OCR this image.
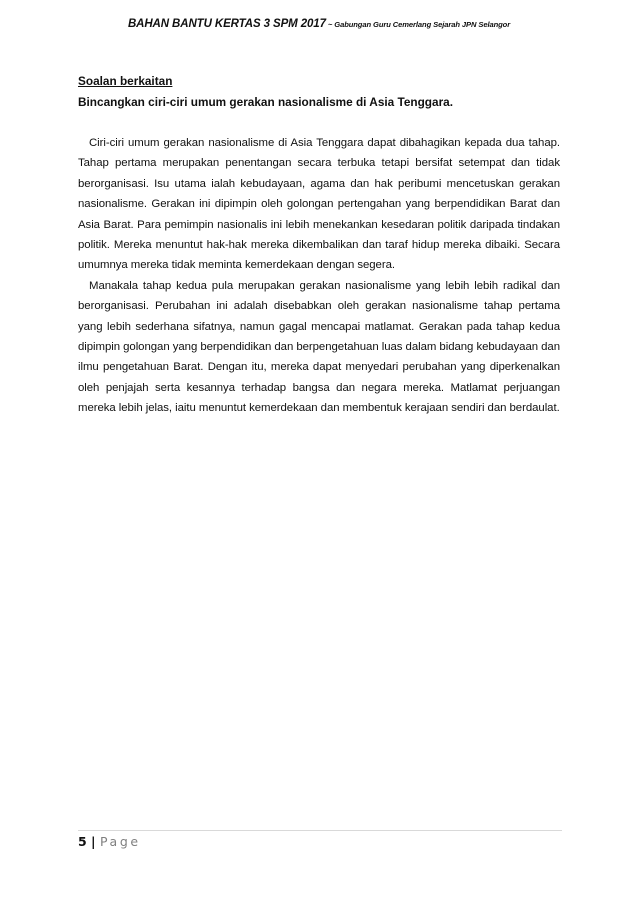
BAHAN BANTU KERTAS 3 SPM 2017 ~ Gabungan Guru Cemerlang Sejarah JPN Selangor

Soalan berkaitan

Bincangkan ciri-ciri umum gerakan nasionalisme di Asia Tenggara.

Ciri-ciri umum gerakan nasionalisme di Asia Tenggara dapat dibahagikan kepada dua tahap. Tahap pertama merupakan penentangan secara terbuka tetapi bersifat setempat dan tidak berorganisasi. Isu utama ialah kebudayaan, agama dan hak peribumi mencetuskan gerakan nasionalisme. Gerakan ini dipimpin oleh golongan pertengahan yang berpendidikan Barat dan Asia Barat. Para pemimpin nasionalis ini lebih menekankan kesedaran politik daripada tindakan politik. Mereka menuntut hak-hak mereka dikembalikan dan taraf hidup mereka dibaiki. Secara umumnya mereka tidak meminta kemerdekaan dengan segera.

Manakala tahap kedua pula merupakan gerakan nasionalisme yang lebih lebih radikal dan berorganisasi. Perubahan ini adalah disebabkan oleh gerakan nasionalisme tahap pertama yang lebih sederhana sifatnya, namun gagal mencapai matlamat. Gerakan pada tahap kedua dipimpin golongan yang berpendidikan dan berpengetahuan luas dalam bidang kebudayaan dan ilmu pengetahuan Barat. Dengan itu, mereka dapat menyedari perubahan yang diperkenalkan oleh penjajah serta kesannya terhadap bangsa dan negara mereka. Matlamat perjuangan mereka lebih jelas, iaitu menuntut kemerdekaan dan membentuk kerajaan sendiri dan berdaulat.

5 | Page
